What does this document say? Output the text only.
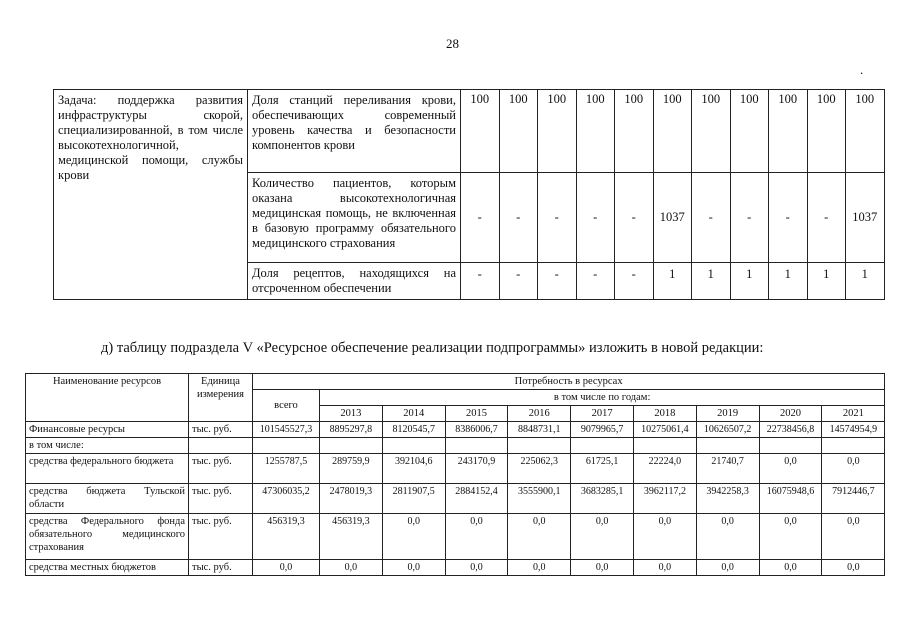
28
.
Задача: поддержка развития инфраструктуры скорой, специализированной, в том числе высокотехнологичной, медицинской помощи, службы крови	Доля станций переливания крови, обеспечивающих современный уровень качества и безопасности компонентов крови	100	100	100	100	100	100	100	100	100	100	100
	Количество пациентов, которым оказана высокотехнологичная медицинская помощь, не включенная в базовую программу обязательного медицинского страхования	-	-	-	-	-	1037	-	-	-	-	1037
	Доля рецептов, находящихся на отсроченном обеспечении	-	-	-	-	-	1	1	1	1	1	1
д) таблицу подраздела V «Ресурсное обеспечение реализации подпрограммы» изложить в новой редакции:
Наименование ресурсов	Единица измерения	Потребность в ресурсах									
		всего	в том числе по годам:								
			2013	2014	2015	2016	2017	2018	2019	2020	2021
Финансовые ресурсы	тыс. руб.	101545527,3	8895297,8	8120545,7	8386006,7	8848731,1	9079965,7	10275061,4	10626507,2	22738456,8	14574954,9
в том числе:											
средства федерального бюджета	тыс. руб.	1255787,5	289759,9	392104,6	243170,9	225062,3	61725,1	22224,0	21740,7	0,0	0,0
средства бюджета Тульской области	тыс. руб.	47306035,2	2478019,3	2811907,5	2884152,4	3555900,1	3683285,1	3962117,2	3942258,3	16075948,6	7912446,7
средства Федерального фонда обязательного медицинского страхования	тыс. руб.	456319,3	456319,3	0,0	0,0	0,0	0,0	0,0	0,0	0,0	0,0
средства местных бюджетов	тыс. руб.	0,0	0,0	0,0	0,0	0,0	0,0	0,0	0,0	0,0	0,0
